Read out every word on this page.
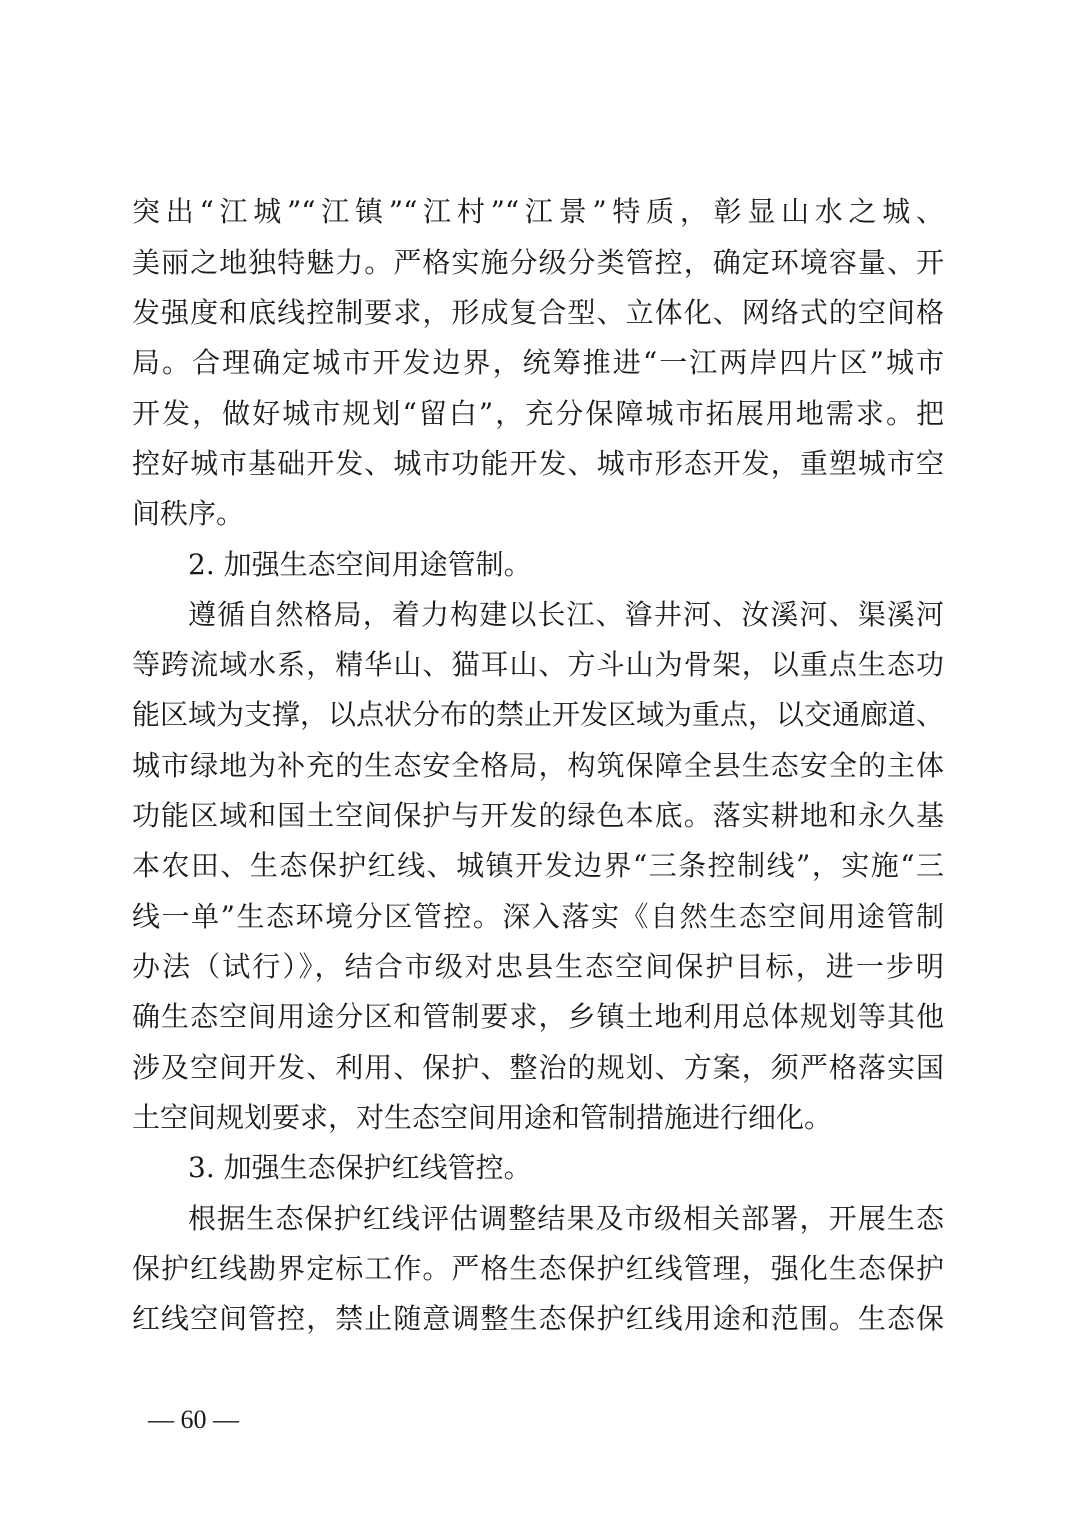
突出“江城”“江镇”“江村”“江景”特质，彰显山水之城、
美丽之地独特魅力。严格实施分级分类管控，确定环境容量、开
发强度和底线控制要求，形成复合型、立体化、网络式的空间格
局。合理确定城市开发边界，统筹推进“一江两岸四片区”城市
开发，做好城市规划“留白”，充分保障城市拓展用地需求。把
控好城市基础开发、城市功能开发、城市形态开发，重塑城市空
间秩序。
2. 加强生态空间用途管制。
遵循自然格局，着力构建以长江、㽏井河、汝溪河、渠溪河
等跨流域水系，精华山、猫耳山、方斗山为骨架，以重点生态功
能区域为支撑，以点状分布的禁止开发区域为重点，以交通廊道、
城市绿地为补充的生态安全格局，构筑保障全县生态安全的主体
功能区域和国土空间保护与开发的绿色本底。落实耕地和永久基
本农田、生态保护红线、城镇开发边界“三条控制线”，实施“三
线一单”生态环境分区管控。深入落实《自然生态空间用途管制
办法（试行）》，结合市级对忠县生态空间保护目标，进一步明
确生态空间用途分区和管制要求，乡镇土地利用总体规划等其他
涉及空间开发、利用、保护、整治的规划、方案，须严格落实国
土空间规划要求，对生态空间用途和管制措施进行细化。
3. 加强生态保护红线管控。
根据生态保护红线评估调整结果及市级相关部署，开展生态
保护红线勘界定标工作。严格生态保护红线管理，强化生态保护
红线空间管控，禁止随意调整生态保护红线用途和范围。生态保
— 60 —
